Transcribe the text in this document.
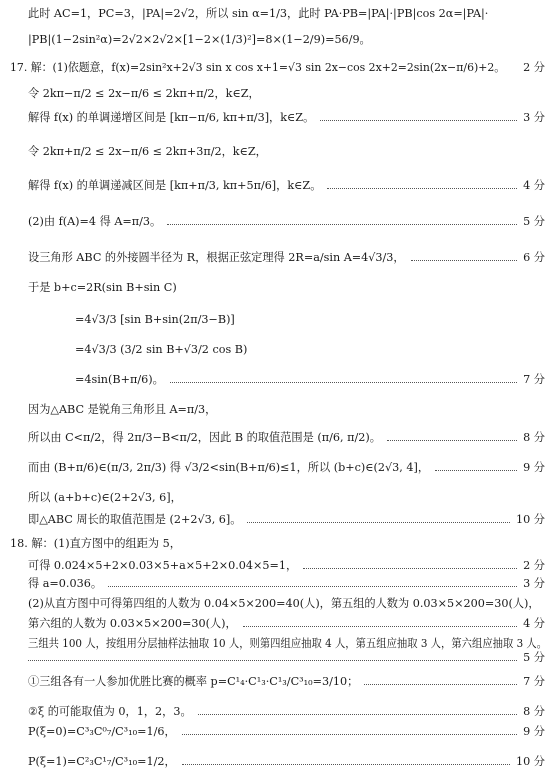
此时 AC=1，PC=3，|PA|=2√2，所以 sin α=1/3，此时 PA·PB=|PA|·|PB|cos 2α=|PA|·
|PB|(1−2sin²α)=2√2×2√2×[1−2×(1/3)²]=8×(1−2/9)=56/9。
17. 解：(1)依题意，f(x)=2sin²x+2√3 sin x cos x+1=√3 sin 2x−cos 2x+2=2sin(2x−π/6)+2。 2 分
令 2kπ−π/2 ≤ 2x−π/6 ≤ 2kπ+π/2，k∈Z，
解得 f(x) 的单调递增区间是 [kπ−π/6, kπ+π/3]，k∈Z。	3 分
令 2kπ+π/2 ≤ 2x−π/6 ≤ 2kπ+3π/2，k∈Z，
解得 f(x) 的单调递减区间是 [kπ+π/3, kπ+5π/6]，k∈Z。	4 分
(2)由 f(A)=4 得 A=π/3。	5 分
设三角形 ABC 的外接圆半径为 R，根据正弦定理得 2R=a/sin A=4√3/3，	6 分
于是 b+c=2R(sin B+sin C)
=4√3/3 [sin B+sin(2π/3−B)]
=4√3/3 (3/2 sin B+√3/2 cos B)
=4sin(B+π/6)。	7 分
因为△ABC 是锐角三角形且 A=π/3，
所以由 C<π/2，得 2π/3−B<π/2，因此 B 的取值范围是 (π/6, π/2)。	8 分
而由 (B+π/6)∈(π/3, 2π/3) 得 √3/2<sin(B+π/6)≤1，所以 (b+c)∈(2√3, 4]，	9 分
所以 (a+b+c)∈(2+2√3, 6]，
即△ABC 周长的取值范围是 (2+2√3, 6]。	10 分
18. 解：(1)直方图中的组距为 5，
可得 0.024×5+2×0.03×5+a×5+2×0.04×5=1，	2 分
得 a=0.036。	3 分
(2)从直方图中可得第四组的人数为 0.04×5×200=40(人)，第五组的人数为 0.03×5×200=30(人)，
第六组的人数为 0.03×5×200=30(人)，	4 分
三组共 100 人，按组用分层抽样法抽取 10 人，则第四组应抽取 4 人，第五组应抽取 3 人，第六组应抽取 3 人。
5 分
①三组各有一人参加优胜比赛的概率 p=C¹₄·C¹₃·C¹₃/C³₁₀=3/10；	7 分
②ξ 的可能取值为 0，1，2，3。	8 分
P(ξ=0)=C³₃C⁰₇/C³₁₀=1/6，	9 分
P(ξ=1)=C²₃C¹₇/C³₁₀=1/2，	10 分
